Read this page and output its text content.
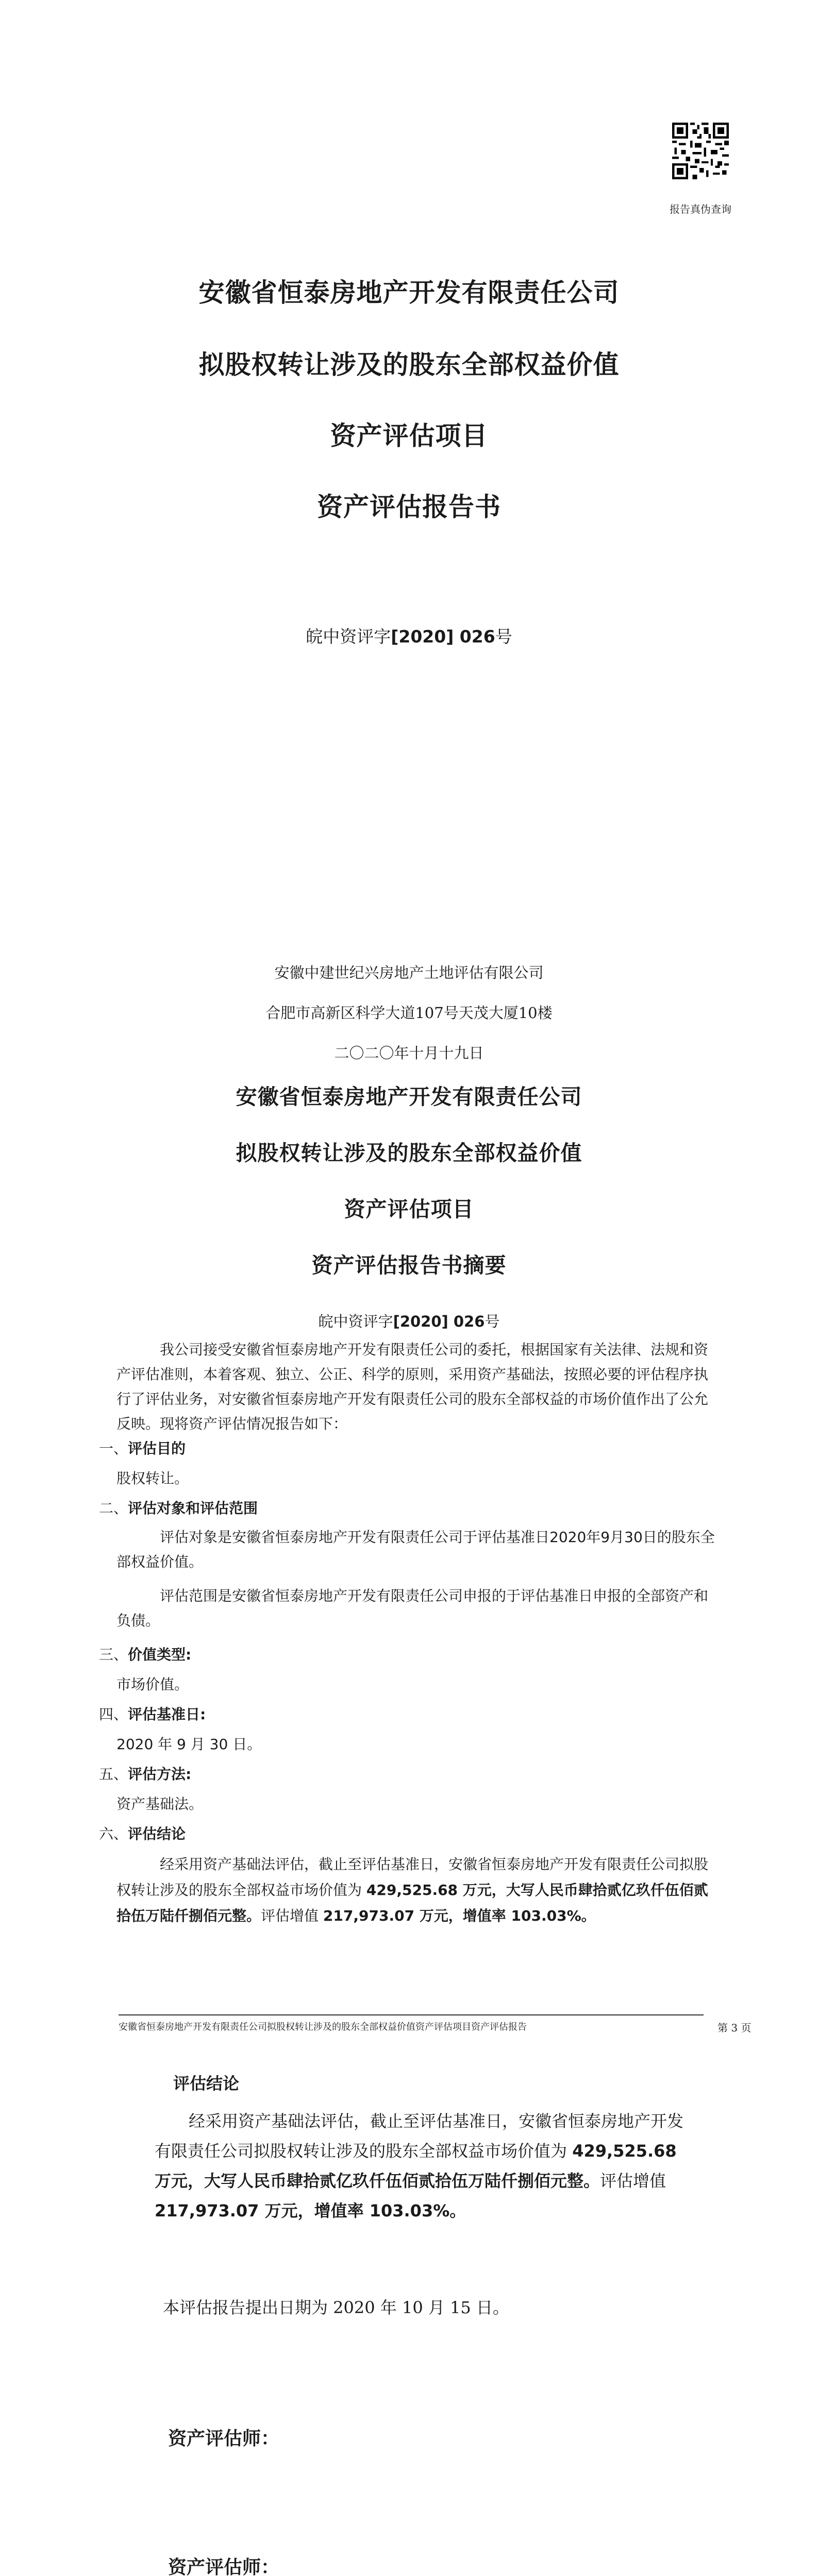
报告真伪查询
安徽省恒泰房地产开发有限责任公司
拟股权转让涉及的股东全部权益价值
资产评估项目
资产评估报告书
皖中资评字[2020] 026号
安徽中建世纪兴房地产土地评估有限公司
合肥市高新区科学大道107号天茂大厦10楼
二〇二〇年十月十九日
安徽省恒泰房地产开发有限责任公司
拟股权转让涉及的股东全部权益价值
资产评估项目
资产评估报告书摘要
皖中资评字[2020] 026号
我公司接受安徽省恒泰房地产开发有限责任公司的委托，根据国家有关法律、法规和资产评估准则，本着客观、独立、公正、科学的原则，采用资产基础法，按照必要的评估程序执行了评估业务，对安徽省恒泰房地产开发有限责任公司的股东全部权益的市场价值作出了公允反映。现将资产评估情况报告如下：
一、评估目的
股权转让。
二、评估对象和评估范围
评估对象是安徽省恒泰房地产开发有限责任公司于评估基准日2020年9月30日的股东全部权益价值。
评估范围是安徽省恒泰房地产开发有限责任公司申报的于评估基准日申报的全部资产和负债。
三、价值类型:
市场价值。
四、评估基准日:
2020 年 9 月 30 日。
五、评估方法:
资产基础法。
六、评估结论
经采用资产基础法评估，截止至评估基准日，安徽省恒泰房地产开发有限责任公司拟股权转让涉及的股东全部权益市场价值为 429,525.68 万元，大写人民币肆拾贰亿玖仟伍佰贰拾伍万陆仟捌佰元整。评估增值 217,973.07 万元，增值率 103.03%。
安徽省恒泰房地产开发有限责任公司拟股权转让涉及的股东全部权益价值资产评估项目资产评估报告	第 3 页
评估结论
经采用资产基础法评估，截止至评估基准日，安徽省恒泰房地产开发有限责任公司拟股权转让涉及的股东全部权益市场价值为 429,525.68 万元，大写人民币肆拾贰亿玖仟伍佰贰拾伍万陆仟捌佰元整。评估增值 217,973.07 万元，增值率 103.03%。
本评估报告提出日期为 2020 年 10 月 15 日。
资产评估师：
资产评估师：
